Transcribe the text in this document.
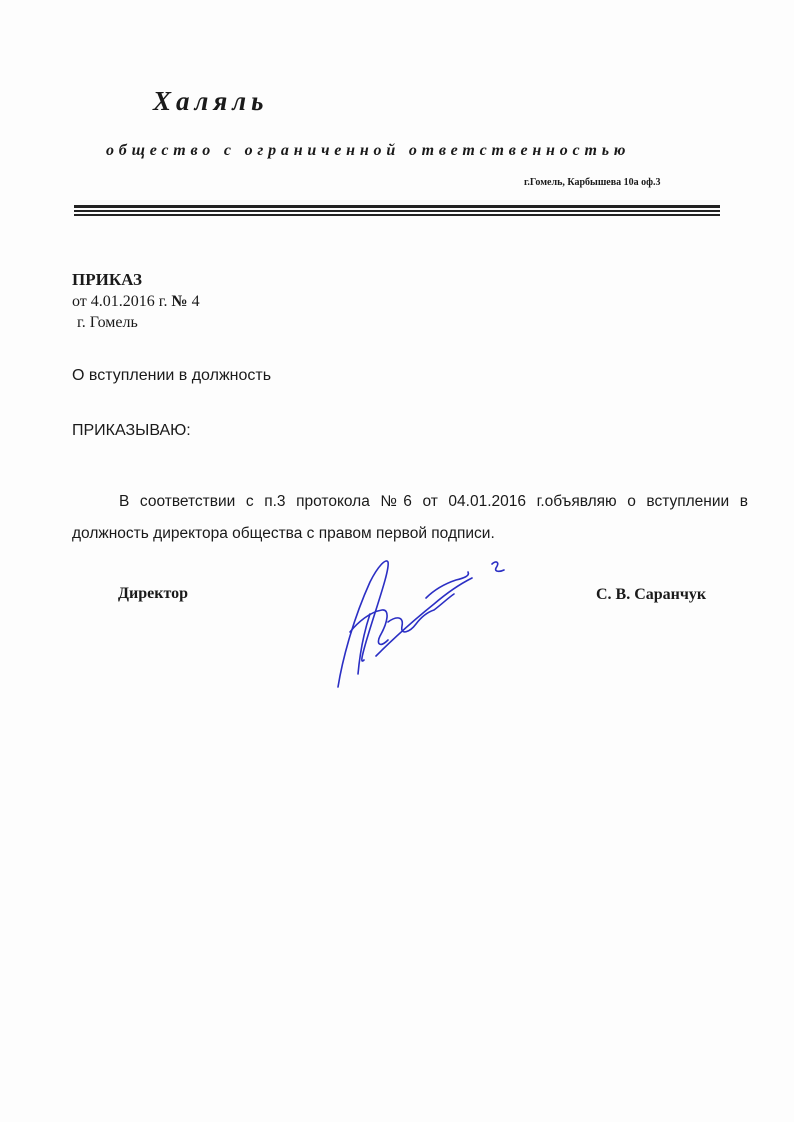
Халяль
общество с ограниченной ответственностью
г.Гомель, Карбышева 10а оф.3
ПРИКАЗ
от 4.01.2016 г. № 4
г. Гомель
О вступлении в должность
ПРИКАЗЫВАЮ:

В соответствии с п.3 протокола №6 от 04.01.2016 г.объявляю о вступлении в должность директора общества с правом первой подписи.

Директор	С. В. Саранчук
